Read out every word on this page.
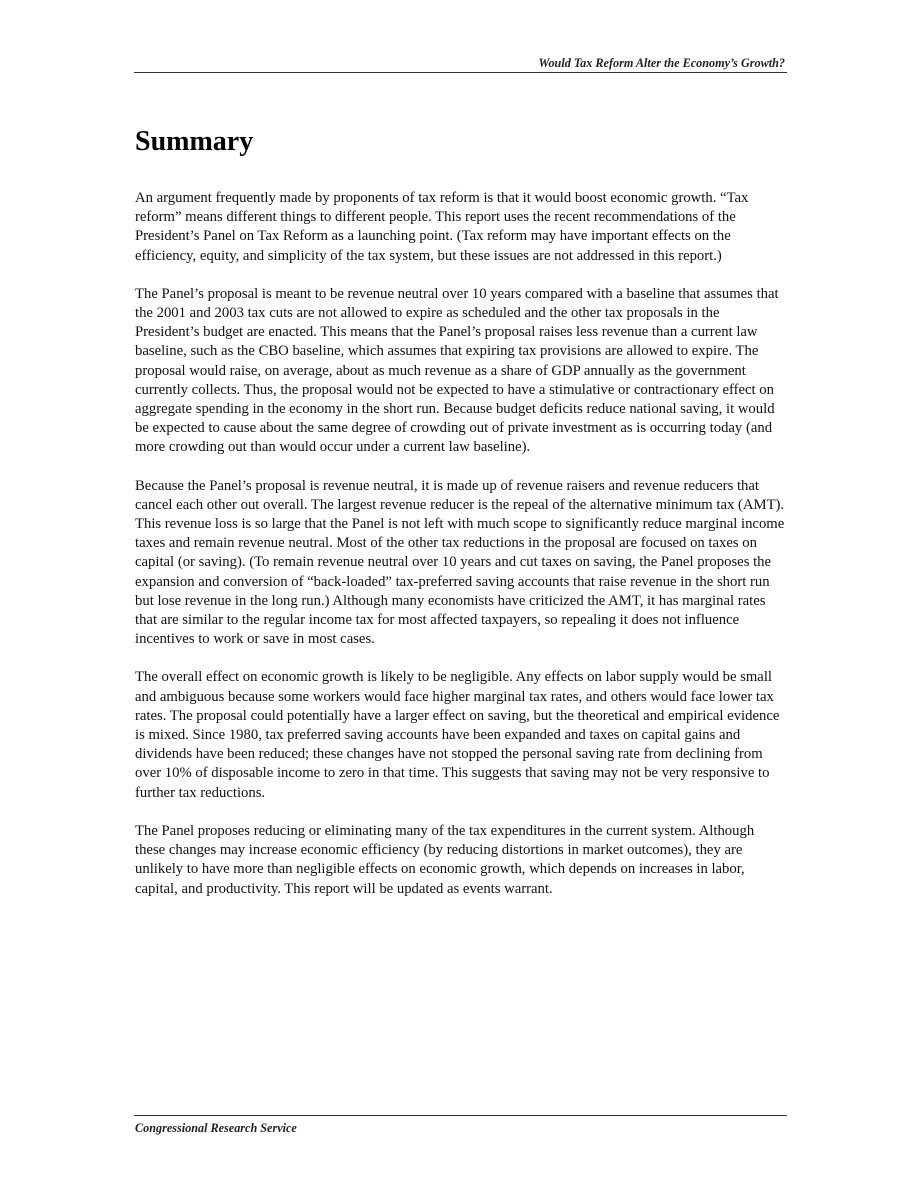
Would Tax Reform Alter the Economy’s Growth?
Summary

An argument frequently made by proponents of tax reform is that it would boost economic growth. “Tax reform” means different things to different people. This report uses the recent recommendations of the President’s Panel on Tax Reform as a launching point. (Tax reform may have important effects on the efficiency, equity, and simplicity of the tax system, but these issues are not addressed in this report.)

The Panel’s proposal is meant to be revenue neutral over 10 years compared with a baseline that assumes that the 2001 and 2003 tax cuts are not allowed to expire as scheduled and the other tax proposals in the President’s budget are enacted. This means that the Panel’s proposal raises less revenue than a current law baseline, such as the CBO baseline, which assumes that expiring tax provisions are allowed to expire. The proposal would raise, on average, about as much revenue as a share of GDP annually as the government currently collects. Thus, the proposal would not be expected to have a stimulative or contractionary effect on aggregate spending in the economy in the short run. Because budget deficits reduce national saving, it would be expected to cause about the same degree of crowding out of private investment as is occurring today (and more crowding out than would occur under a current law baseline).

Because the Panel’s proposal is revenue neutral, it is made up of revenue raisers and revenue reducers that cancel each other out overall. The largest revenue reducer is the repeal of the alternative minimum tax (AMT). This revenue loss is so large that the Panel is not left with much scope to significantly reduce marginal income taxes and remain revenue neutral. Most of the other tax reductions in the proposal are focused on taxes on capital (or saving). (To remain revenue neutral over 10 years and cut taxes on saving, the Panel proposes the expansion and conversion of “back-loaded” tax-preferred saving accounts that raise revenue in the short run but lose revenue in the long run.) Although many economists have criticized the AMT, it has marginal rates that are similar to the regular income tax for most affected taxpayers, so repealing it does not influence incentives to work or save in most cases.

The overall effect on economic growth is likely to be negligible. Any effects on labor supply would be small and ambiguous because some workers would face higher marginal tax rates, and others would face lower tax rates. The proposal could potentially have a larger effect on saving, but the theoretical and empirical evidence is mixed. Since 1980, tax preferred saving accounts have been expanded and taxes on capital gains and dividends have been reduced; these changes have not stopped the personal saving rate from declining from over 10% of disposable income to zero in that time. This suggests that saving may not be very responsive to further tax reductions.

The Panel proposes reducing or eliminating many of the tax expenditures in the current system. Although these changes may increase economic efficiency (by reducing distortions in market outcomes), they are unlikely to have more than negligible effects on economic growth, which depends on increases in labor, capital, and productivity. This report will be updated as events warrant.

Congressional Research Service
